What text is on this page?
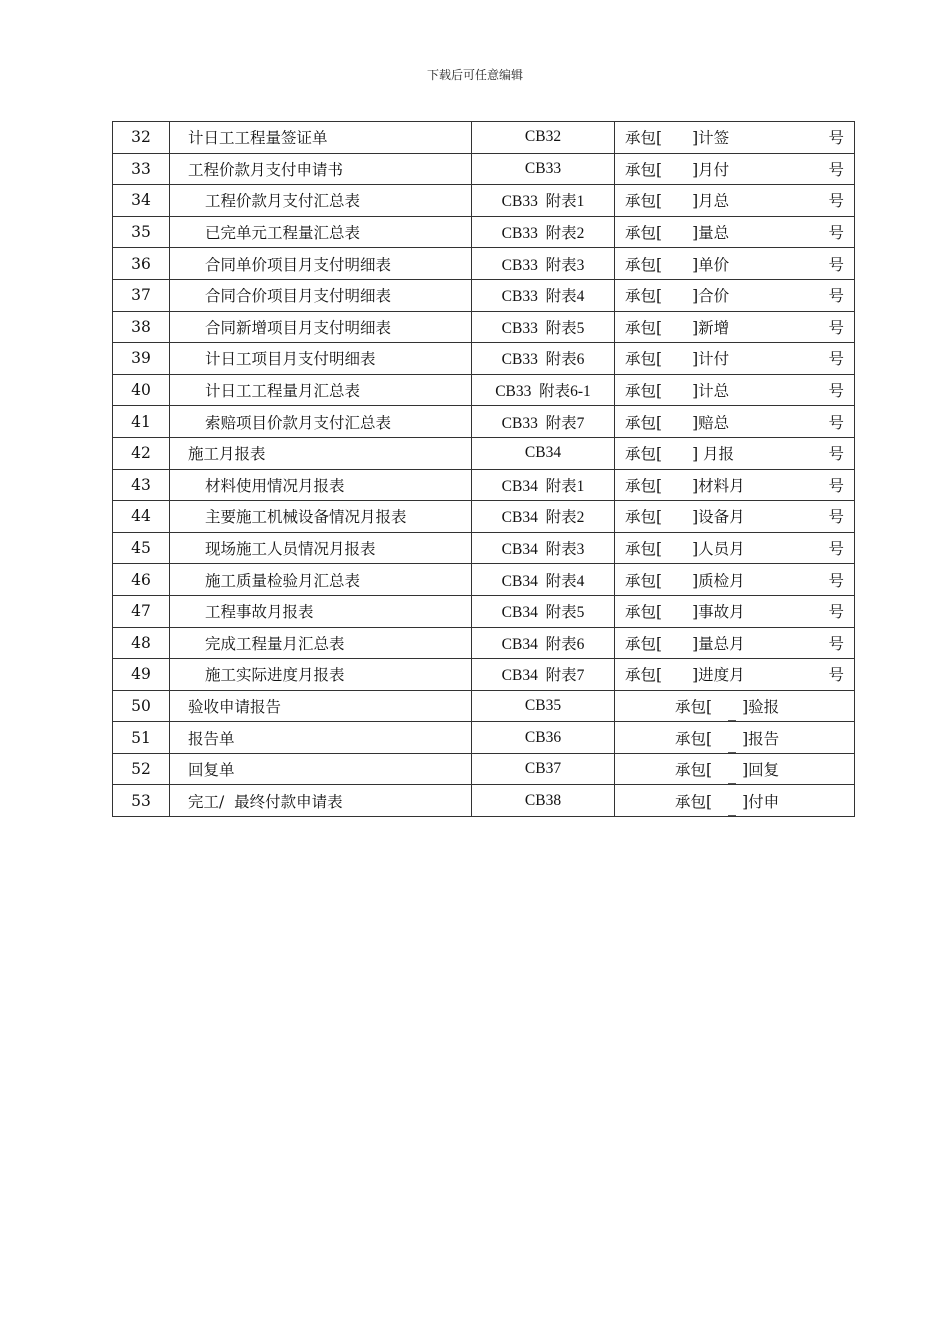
下载后可任意编辑
32	计日工工程量签证单	CB32	承包[ ]计签 号

33	工程价款月支付申请书	CB33	承包[ ]月付 号

34	工程价款月支付汇总表	CB33  附表1	承包[ ]月总 号

35	已完单元工程量汇总表	CB33  附表2	承包[ ]量总 号

36	合同单价项目月支付明细表	CB33  附表3	承包[ ]单价 号

37	合同合价项目月支付明细表	CB33  附表4	承包[ ]合价 号

38	合同新增项目月支付明细表	CB33  附表5	承包[ ]新增 号

39	计日工项目月支付明细表	CB33  附表6	承包[ ]计付 号

40	计日工工程量月汇总表	CB33  附表6-1	承包[ ]计总 号

41	索赔项目价款月支付汇总表	CB33  附表7	承包[ ]赔总 号

42	施工月报表	CB34	承包[ ] 月报 号

43	材料使用情况月报表	CB34  附表1	承包[ ]材料月 号

44	主要施工机械设备情况月报表	CB34  附表2	承包[ ]设备月 号

45	现场施工人员情况月报表	CB34  附表3	承包[ ]人员月 号

46	施工质量检验月汇总表	CB34  附表4	承包[ ]质检月 号

47	工程事故月报表	CB34  附表5	承包[ ]事故月 号

48	完成工程量月汇总表	CB34  附表6	承包[ ]量总月 号

49	施工实际进度月报表	CB34  附表7	承包[ ]进度月 号

50	验收申请报告	CB35	承包[ ]验报

51	报告单	CB36	承包[ ]报告

52	回复单	CB37	承包[ ]回复

53	完工/  最终付款申请表	CB38	承包[ ]付申
